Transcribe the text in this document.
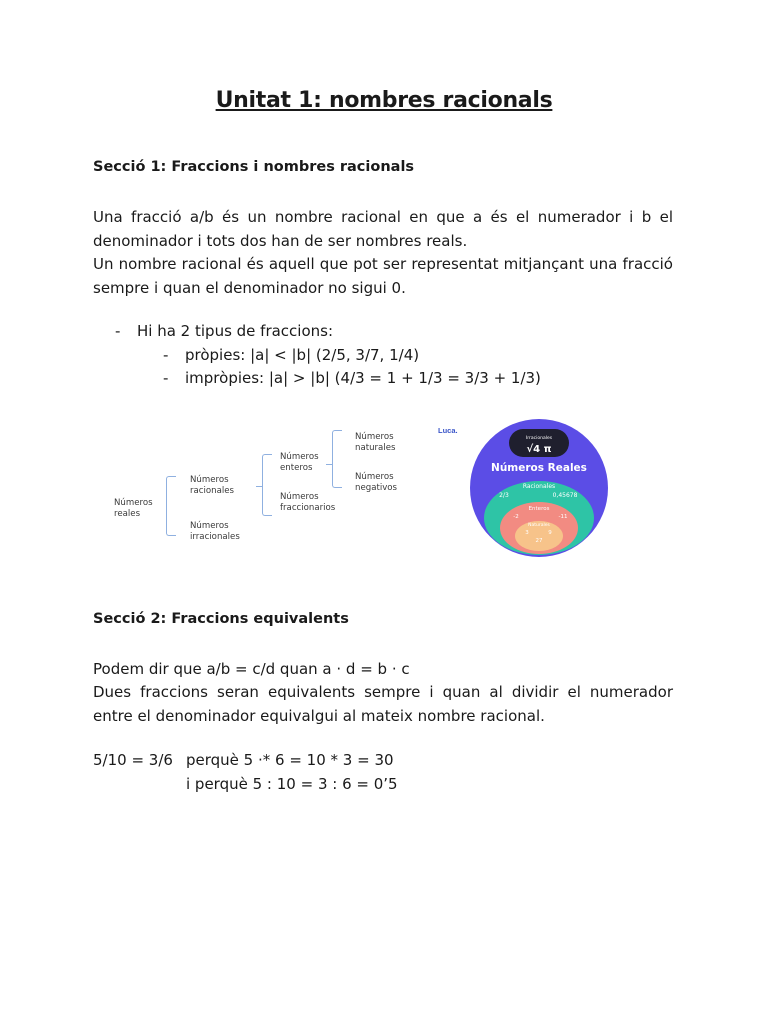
Unitat 1: nombres racionals
Secció 1: Fraccions i nombres racionals
Una fracció a/b és un nombre racional en que a és el numerador i b el denominador i tots dos han de ser nombres reals.
Un nombre racional és aquell que pot ser representat mitjançant una fracció sempre i quan el denominador no sigui 0.
- Hi ha 2 tipus de fraccions:
- pròpies: |a| < |b| (2/5, 3/7, 1/4)
- impròpies: |a| > |b| (4/3 = 1 + 1/3 = 3/3 + 1/3)
Números
reales
Números
racionales
Números
irracionales
Números
enteros
Números
fraccionarios
Números
naturales
Números
negativos
Luca.
Irracionales
√4 π
Números Reales
Racionales
2/3	0,45678
Enteros
-2	-11
Naturales
3	9
27
Secció 2: Fraccions equivalents
Podem dir que a/b = c/d quan a · d = b · c
Dues fraccions seran equivalents sempre i quan al dividir el numerador entre el denominador equivalgui al mateix nombre racional.
5/10 = 3/6 perquè 5 ·* 6 = 10 * 3 = 30
i perquè 5 : 10 = 3 : 6 = 0’5
